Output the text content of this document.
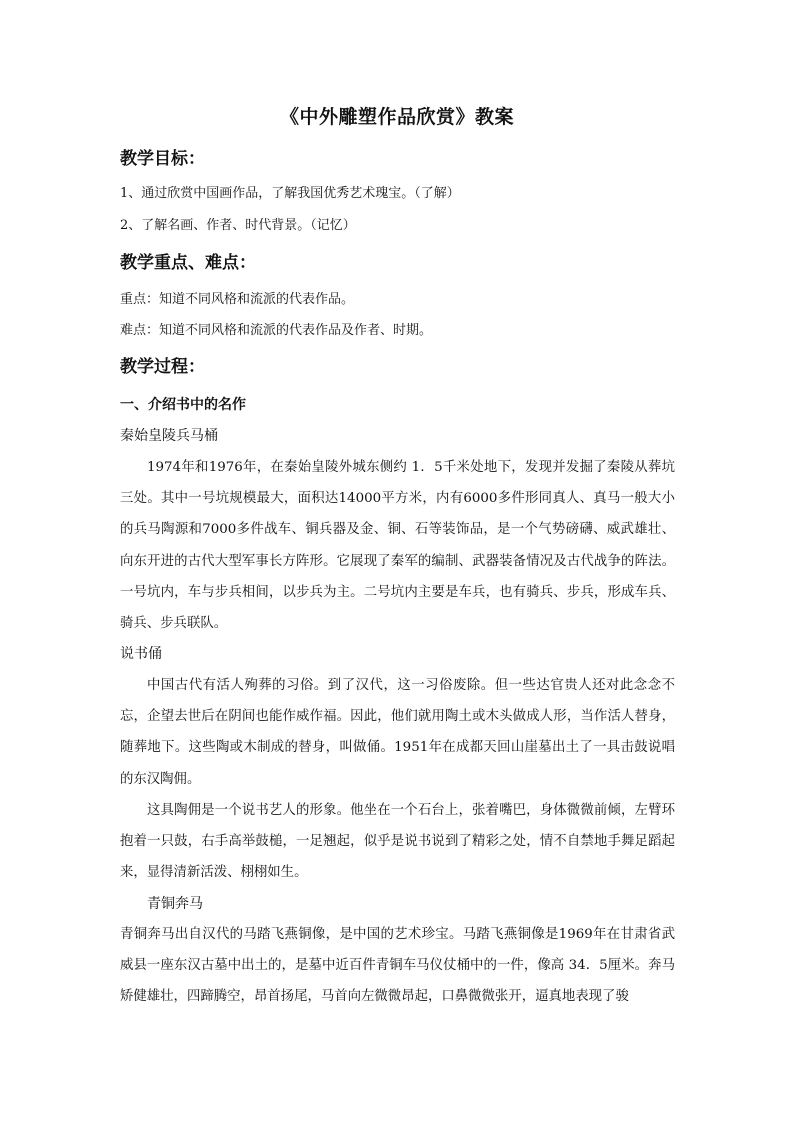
《中外雕塑作品欣赏》教案
教学目标：
1、通过欣赏中国画作品，了解我国优秀艺术瑰宝。（了解）
2、了解名画、作者、时代背景。（记忆）
教学重点、难点：
重点：知道不同风格和流派的代表作品。
难点：知道不同风格和流派的代表作品及作者、时期。
教学过程：
一、介绍书中的名作
秦始皇陵兵马桶

1974年和1976年，在秦始皇陵外城东侧约 1．5千米处地下，发现并发掘了秦陵从葬坑三处。其中一号坑规模最大，面积达14000平方米，内有6000多件形同真人、真马一般大小的兵马陶源和7000多件战车、铜兵器及金、铜、石等装饰品，是一个气势磅礴、威武雄壮、向东开进的古代大型军事长方阵形。它展现了秦军的编制、武器装备情况及古代战争的阵法。一号坑内，车与步兵相间，以步兵为主。二号坑内主要是车兵，也有骑兵、步兵，形成车兵、骑兵、步兵联队。

说书俑

中国古代有活人殉葬的习俗。到了汉代，这一习俗废除。但一些达官贵人还对此念念不忘，企望去世后在阴间也能作威作福。因此，他们就用陶土或木头做成人形，当作活人替身，随葬地下。这些陶或木制成的替身，叫做俑。1951年在成都天回山崖墓出土了一具击鼓说唱的东汉陶佣。

这具陶佣是一个说书艺人的形象。他坐在一个石台上，张着嘴巴，身体微微前倾，左臂环抱着一只鼓，右手高举鼓槌，一足翘起，似乎是说书说到了精彩之处，情不自禁地手舞足蹈起来，显得清新活泼、栩栩如生。

青铜奔马

青铜奔马出自汉代的马踏飞燕铜像，是中国的艺术珍宝。马踏飞燕铜像是1969年在甘肃省武威县一座东汉古墓中出土的，是墓中近百件青铜车马仪仗桶中的一件，像高 34．5厘米。奔马矫健雄壮，四蹄腾空，昂首扬尾，马首向左微微昂起，口鼻微微张开，逼真地表现了骏
